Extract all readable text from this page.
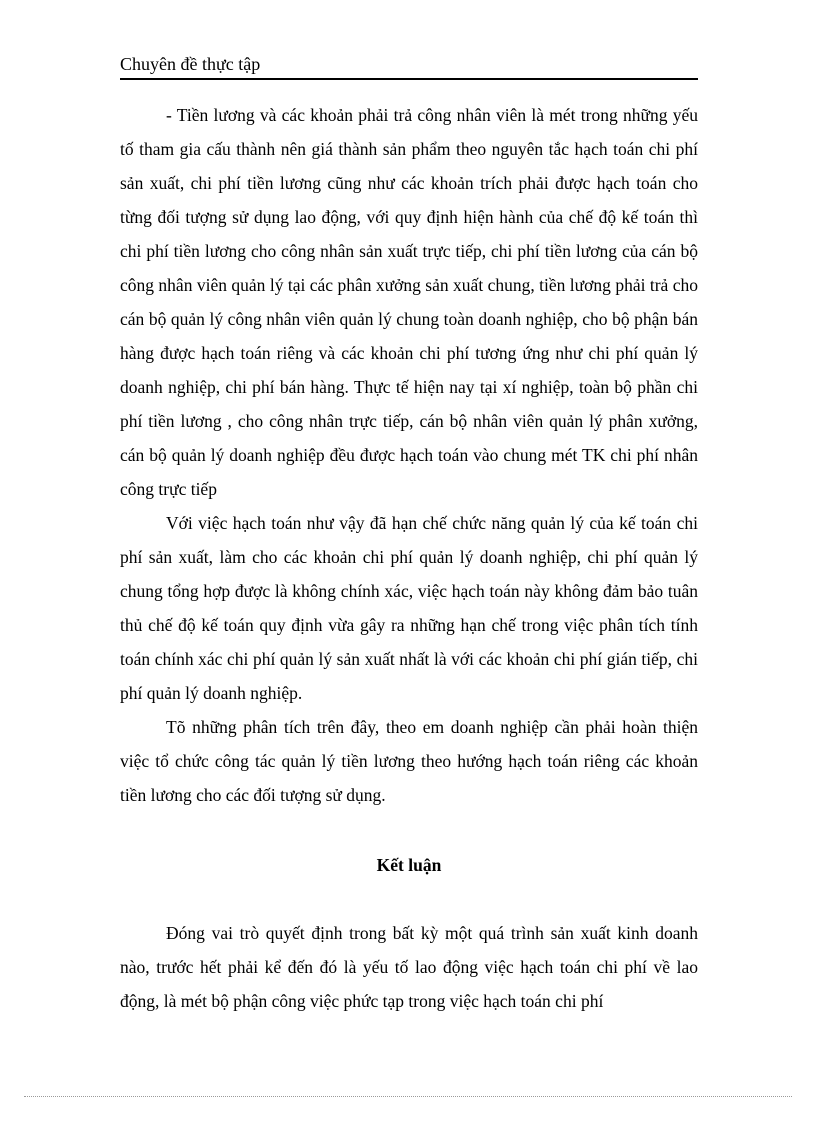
Chuyên đề thực tập

- Tiền lương và các khoản phải trả công nhân viên là mét trong những yếu tố tham gia cấu thành nên giá thành sản phẩm theo nguyên tắc hạch toán chi phí sản xuất, chi phí tiền lương cũng như các khoản trích phải được hạch toán cho từng đối tượng sử dụng lao động, với quy định hiện hành của chế độ kế toán thì chi phí tiền lương cho công nhân sản xuất trực tiếp, chi phí tiền lương của cán bộ công nhân viên quản lý tại các phân xưởng sản xuất chung, tiền lương phải trả cho cán bộ quản lý công nhân viên quản lý chung toàn doanh nghiệp, cho bộ phận bán hàng được hạch toán riêng và các khoản chi phí tương ứng như chi phí quản lý doanh nghiệp, chi phí bán hàng. Thực tế hiện nay tại xí nghiệp, toàn bộ phần chi phí tiền lương , cho công nhân trực tiếp, cán bộ nhân viên quản lý phân xưởng, cán bộ quản lý doanh nghiệp đều được hạch toán vào chung mét TK chi phí nhân công trực tiếp

Với việc hạch toán như vậy đã hạn chế chức năng quản lý của kế toán chi phí sản xuất, làm cho các khoản chi phí quản lý doanh nghiệp, chi phí quản lý chung tổng hợp được là không chính xác, việc hạch toán này không đảm bảo tuân thủ chế độ kế toán quy định vừa gây ra những hạn chế trong việc phân tích tính toán chính xác chi phí quản lý sản xuất nhất là với các khoản chi phí gián tiếp, chi phí quản lý doanh nghiệp.

Tõ những phân tích trên đây, theo em doanh nghiệp cần phải hoàn thiện việc tổ chức công tác quản lý tiền lương theo hướng hạch toán riêng các khoản tiền lương cho các đối tượng sử dụng.

Kết luận

Đóng vai trò quyết định trong bất kỳ một quá trình sản xuất kinh doanh nào, trước hết phải kể đến đó là yếu tố lao động việc hạch toán chi phí về lao động, là mét bộ phận công việc phức tạp trong việc hạch toán chi phí
